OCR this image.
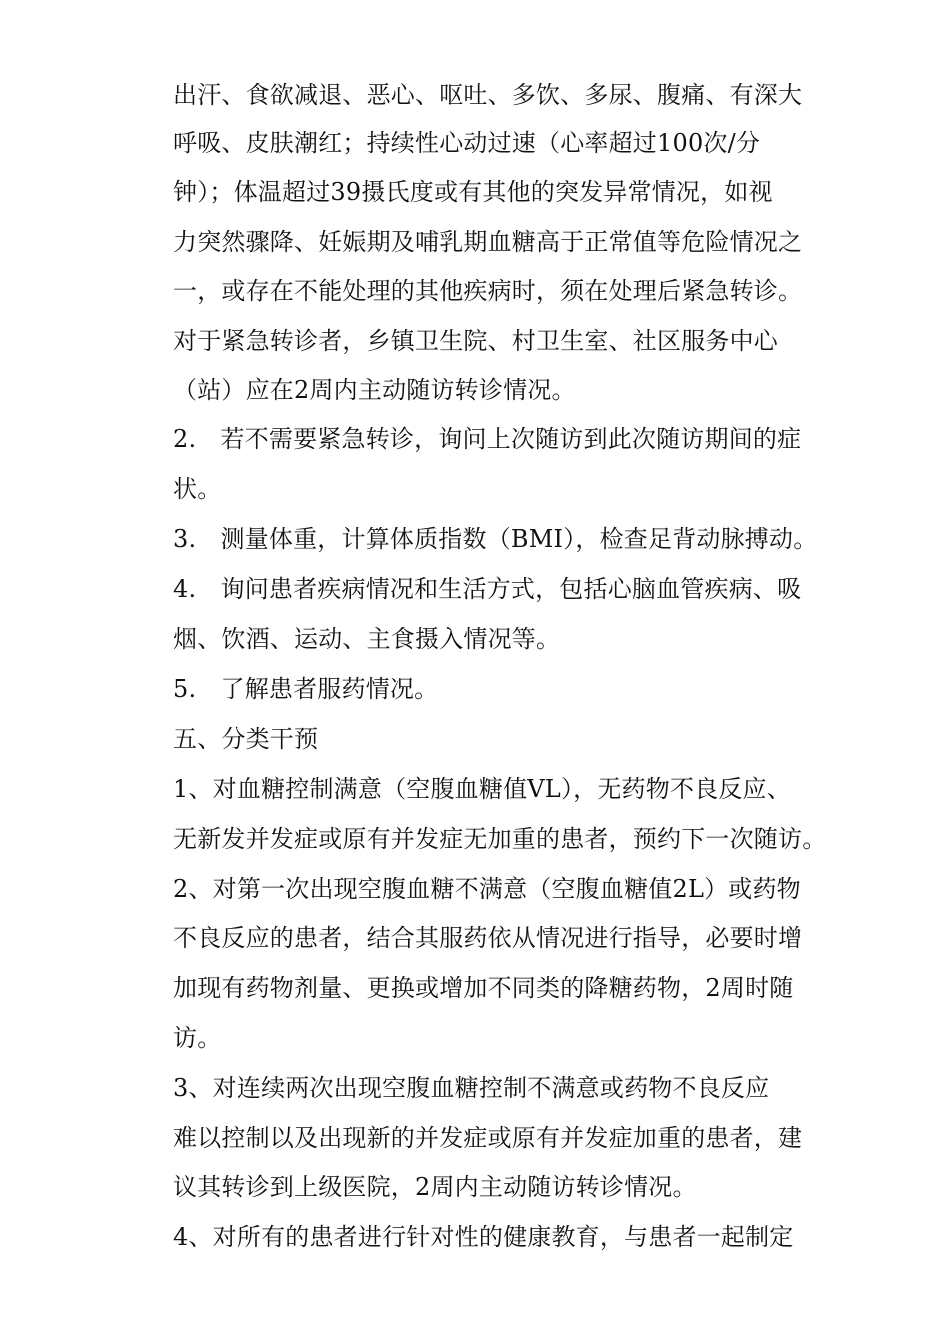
出汗、食欲减退、恶心、呕吐、多饮、多尿、腹痛、有深大
呼吸、皮肤潮红；持续性心动过速（心率超过100次/分
钟）；体温超过39摄氏度或有其他的突发异常情况，如视
力突然骤降、妊娠期及哺乳期血糖高于正常值等危险情况之
一，或存在不能处理的其他疾病时，须在处理后紧急转诊。
对于紧急转诊者，乡镇卫生院、村卫生室、社区服务中心
（站）应在2周内主动随访转诊情况。
2.　若不需要紧急转诊，询问上次随访到此次随访期间的症
状。
3.　测量体重，计算体质指数（BMI），检查足背动脉搏动。
4.　询问患者疾病情况和生活方式，包括心脑血管疾病、吸
烟、饮酒、运动、主食摄入情况等。
5.　了解患者服药情况。
五、分类干预
1、对血糖控制满意（空腹血糖值VL），无药物不良反应、
无新发并发症或原有并发症无加重的患者，预约下一次随访。
2、对第一次出现空腹血糖不满意（空腹血糖值2L）或药物
不良反应的患者，结合其服药依从情况进行指导，必要时增
加现有药物剂量、更换或增加不同类的降糖药物，2周时随
访。
3、对连续两次出现空腹血糖控制不满意或药物不良反应
难以控制以及出现新的并发症或原有并发症加重的患者，建
议其转诊到上级医院，2周内主动随访转诊情况。
4、对所有的患者进行针对性的健康教育，与患者一起制定
